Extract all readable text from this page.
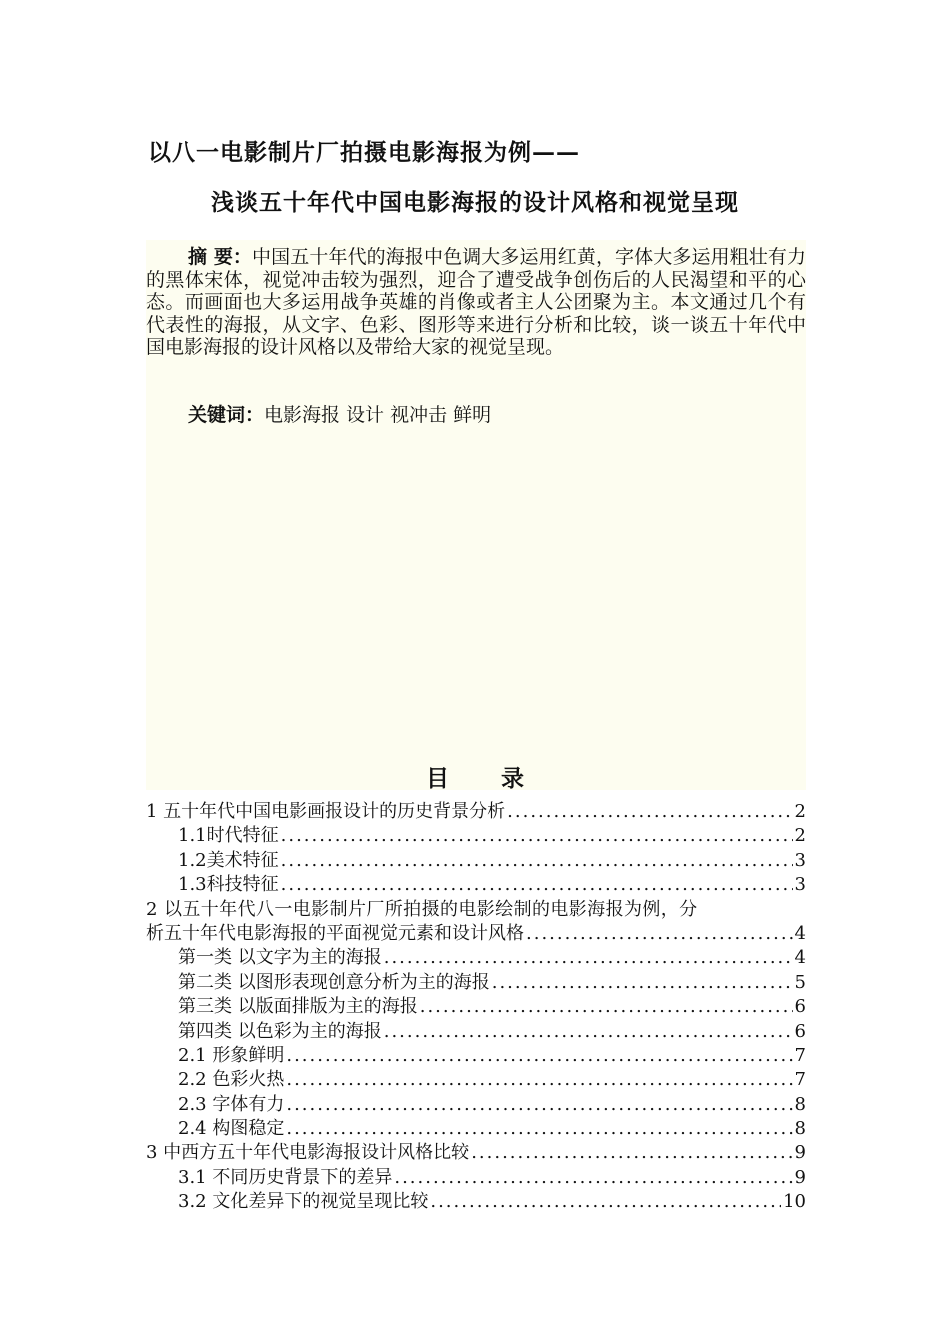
以八一电影制片厂拍摄电影海报为例——
浅谈五十年代中国电影海报的设计风格和视觉呈现
摘 要：中国五十年代的海报中色调大多运用红黄，字体大多运用粗壮有力的黑体宋体，视觉冲击较为强烈，迎合了遭受战争创伤后的人民渴望和平的心态。而画面也大多运用战争英雄的肖像或者主人公团聚为主。本文通过几个有代表性的海报，从文字、色彩、图形等来进行分析和比较，谈一谈五十年代中国电影海报的设计风格以及带给大家的视觉呈现。
关键词：电影海报 设计 视冲击 鲜明
目 录
1 五十年代中国电影画报设计的历史背景分析 .....	2
1.1时代特征 .....	2
1.2美术特征 .....	3
1.3科技特征 .....	3
2 以五十年代八一电影制片厂所拍摄的电影绘制的电影海报为例，分
析五十年代电影海报的平面视觉元素和设计风格 .....	4
第一类 以文字为主的海报 .....	4
第二类 以图形表现创意分析为主的海报 .....	5
第三类 以版面排版为主的海报 .....	6
第四类 以色彩为主的海报 .....	6
2.1 形象鲜明 .....	7
2.2 色彩火热 .....	7
2.3 字体有力 .....	8
2.4 构图稳定 .....	8
3 中西方五十年代电影海报设计风格比较 .....	9
3.1 不同历史背景下的差异 .....	9
3.2 文化差异下的视觉呈现比较 .....	10
